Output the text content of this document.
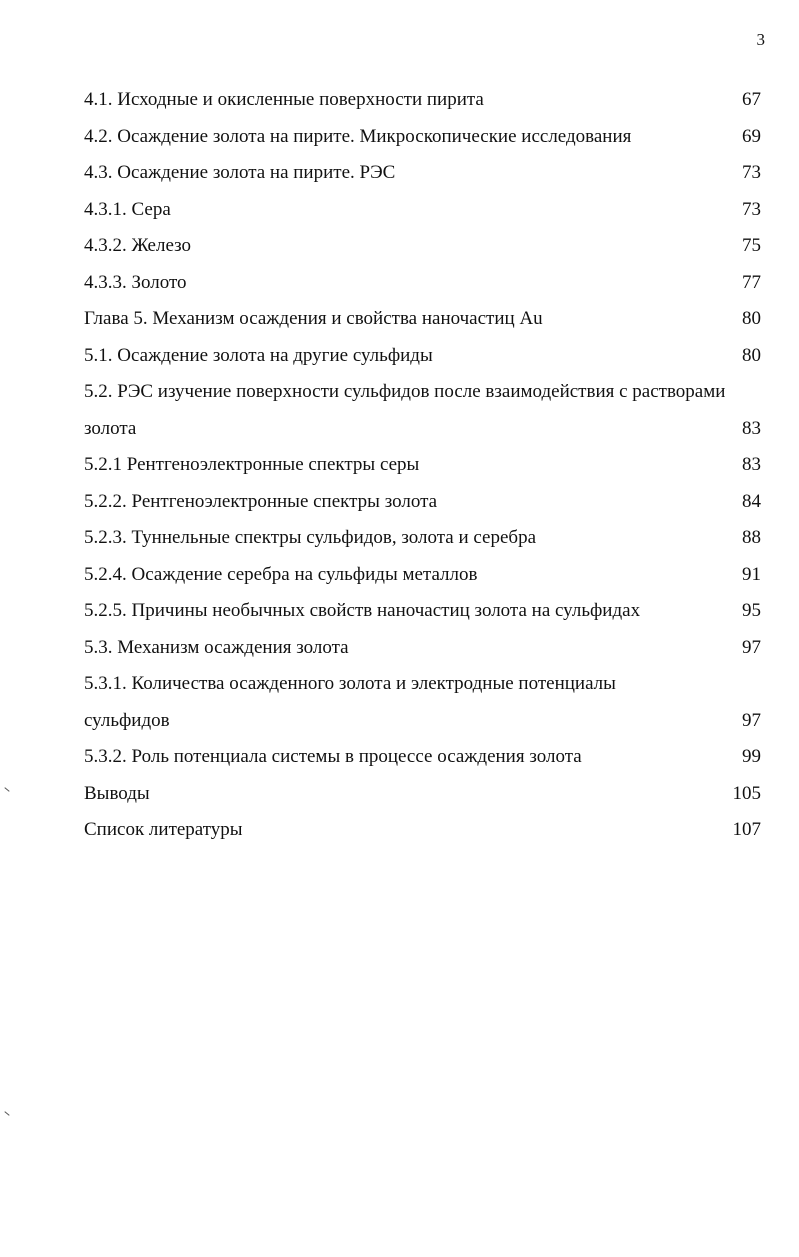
3
4.1. Исходные и окисленные поверхности пирита	67
4.2. Осаждение золота на пирите. Микроскопические исследования	69
4.3. Осаждение золота на пирите. РЭС	73
4.3.1. Сера	73
4.3.2. Железо	75
4.3.3. Золото	77
Глава 5. Механизм осаждения и свойства наночастиц Au	80
5.1. Осаждение золота на другие сульфиды	80
5.2. РЭС изучение поверхности сульфидов после взаимодействия с растворами
золота	83
5.2.1 Рентгеноэлектронные спектры серы	83
5.2.2. Рентгеноэлектронные спектры золота	84
5.2.3. Туннельные спектры сульфидов, золота и серебра	88
5.2.4. Осаждение серебра на сульфиды металлов	91
5.2.5. Причины необычных свойств наночастиц золота на сульфидах	95
5.3. Механизм осаждения золота	97
5.3.1. Количества осажденного золота и электродные потенциалы
сульфидов	97
5.3.2. Роль потенциала системы в процессе осаждения золота	99
Выводы	105
Список литературы	107
